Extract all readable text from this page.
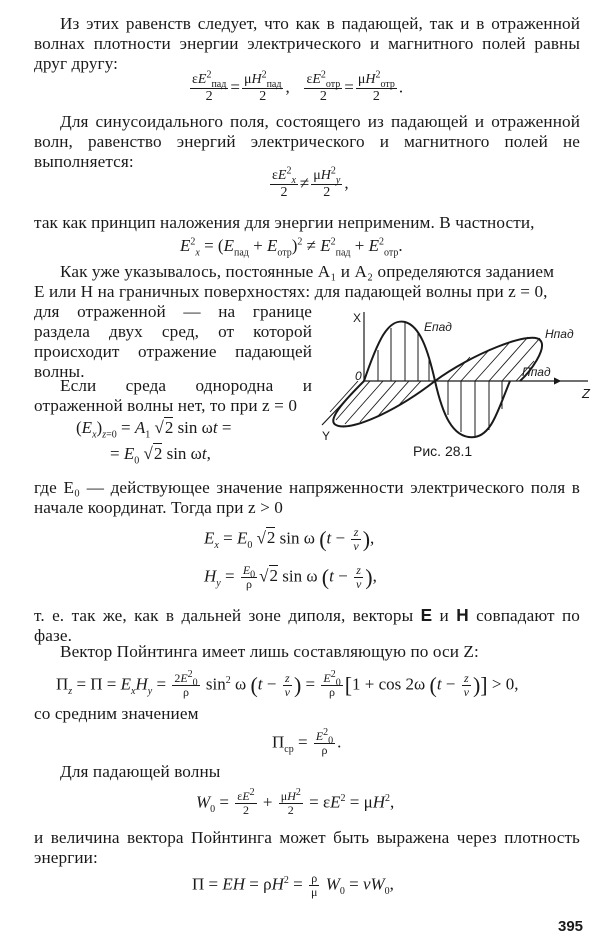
Из этих равенств следует, что как в падающей, так и в отраженной волнах плотности энергии электрического и магнитного полей равны друг другу:
$\frac{\varepsilon E^2_{пад}}{2} = \frac{\mu H^2_{пад}}{2}$ , $\frac{\varepsilon E^2_{отр}}{2} = \frac{\mu H^2_{отр}}{2}$ .
Для синусоидального поля, состоящего из падающей и отраженной волн, равенство энергий электрического и магнитного полей не выполняется:
$\frac{\varepsilon E^2_x}{2} \ne \frac{\mu H^2_y}{2}$ ,
так как принцип наложения для энергии неприменим. В частности,
$E^2_x = (E_{пад} + E_{отр})^2 \ne E^2_{пад} + E^2_{отр}$.
Как уже указывалось, постоянные A₁ и A₂ определяются заданием
E или H на граничных поверхностях: для падающей волны при z = 0,
для отраженной — на границе раздела двух сред, от которой происходит отражение падающей волны.
Если среда однородна и отраженной волны нет, то при z = 0
$(E_x)_{z=0} = A_1$ √2 sin ωt =
= $E_0$ √2 sin ωt,
X
0
Z
Y
Eпад	Hпад
Ппад
Рис. 28.1
где E₀ — действующее значение напряженности электрического поля в начале координат. Тогда при z > 0
$E_x = E_0$ √2 sin ω ($t - \frac{z}{v}$ ),
$H_y = \frac{E_0}{\rho} √2$ sin ω ($t - \frac{z}{v}$ ),
т. е. так же, как в дальней зоне диполя, векторы E и H совпадают по фазе.
Вектор Пойнтинга имеет лишь составляющую по оси Z:
$\Pi_z = \Pi = E_xH_y = \frac{2E^2_0}{\rho} \sin^2 \omega$ ($t - \frac{z}{v}$ ) = $\frac{E^2_0}{\rho} [1 + \cos 2\omega$ ($t - \frac{z}{v}$ )] > 0,
со средним значением
$\Pi_{ср} = \frac{E^2_0}{\rho}$ .
Для падающей волны
$W_0 = \frac{\varepsilon E^2}{2} + \frac{\mu H^2}{2} = \varepsilon E^2 = \mu H^2$,
и величина вектора Пойнтинга может быть выражена через плотность энергии:
Π = EH = $\rho H^2 = \frac{\rho}{\mu} W_0 = vW_0$,
395
